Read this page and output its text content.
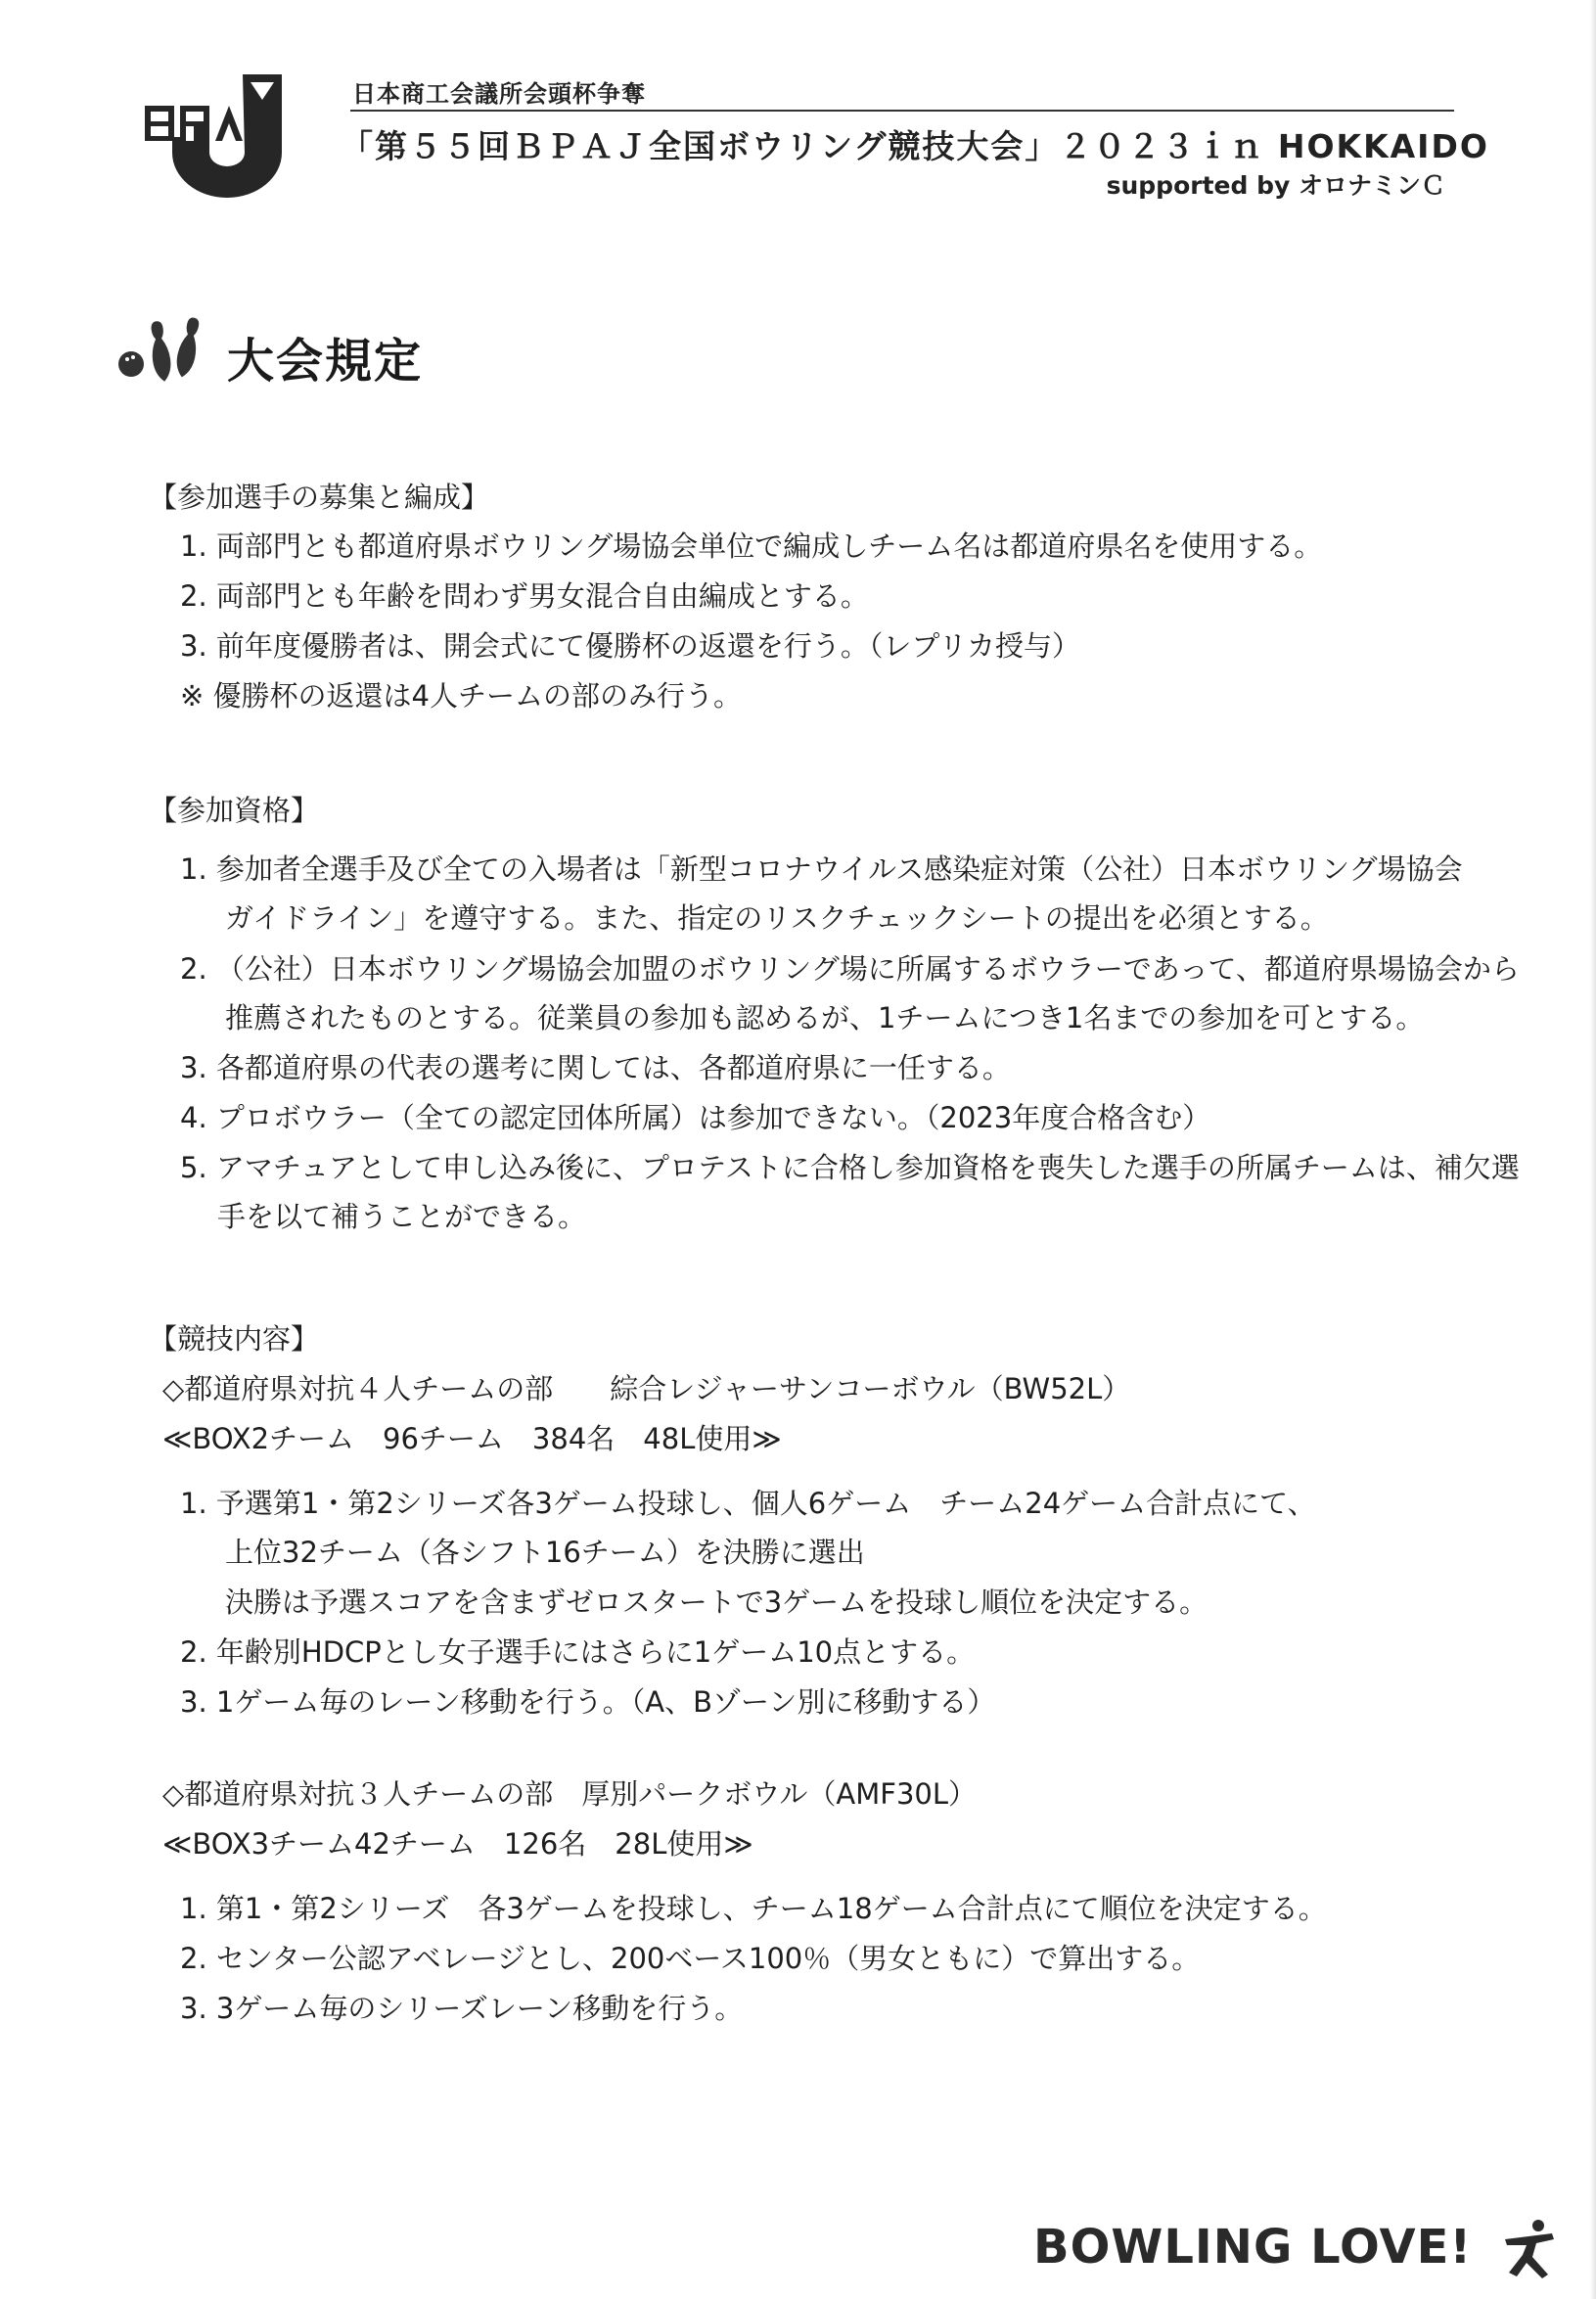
日本商工会議所会頭杯争奪
「第５５回ＢＰＡＪ全国ボウリング競技大会」２０２３ｉｎ HOKKAIDO
supported by オロナミンＣ
大会規定
【参加選手の募集と編成】
1. 両部門とも都道府県ボウリング場協会単位で編成しチーム名は都道府県名を使用する。
2. 両部門とも年齢を問わず男女混合自由編成とする。
3. 前年度優勝者は、開会式にて優勝杯の返還を行う。（レプリカ授与）
※ 優勝杯の返還は4人チームの部のみ行う。
【参加資格】
1. 参加者全選手及び全ての入場者は「新型コロナウイルス感染症対策（公社）日本ボウリング場協会
ガイドライン」を遵守する。また、指定のリスクチェックシートの提出を必須とする。
2. （公社）日本ボウリング場協会加盟のボウリング場に所属するボウラーであって、都道府県場協会から
推薦されたものとする。従業員の参加も認めるが、1チームにつき1名までの参加を可とする。
3. 各都道府県の代表の選考に関しては、各都道府県に一任する。
4. プロボウラー（全ての認定団体所属）は参加できない。（2023年度合格含む）
5. アマチュアとして申し込み後に、プロテストに合格し参加資格を喪失した選手の所属チームは、補欠選
手を以て補うことができる。
【競技内容】
◇都道府県対抗４人チームの部　　綜合レジャーサンコーボウル（BW52L）
≪BOX2チーム　96チーム　384名　48L使用≫
1. 予選第1・第2シリーズ各3ゲーム投球し、個人6ゲーム　チーム24ゲーム合計点にて、
上位32チーム（各シフト16チーム）を決勝に選出
決勝は予選スコアを含まずゼロスタートで3ゲームを投球し順位を決定する。
2. 年齢別HDCPとし女子選手にはさらに1ゲーム10点とする。
3. 1ゲーム毎のレーン移動を行う。（A、Bゾーン別に移動する）
◇都道府県対抗３人チームの部　厚別パークボウル（AMF30L）
≪BOX3チーム42チーム　126名　28L使用≫
1. 第1・第2シリーズ　各3ゲームを投球し、チーム18ゲーム合計点にて順位を決定する。
2. センター公認アベレージとし、200ベース100％（男女ともに）で算出する。
3. 3ゲーム毎のシリーズレーン移動を行う。
BOWLING LOVE!
